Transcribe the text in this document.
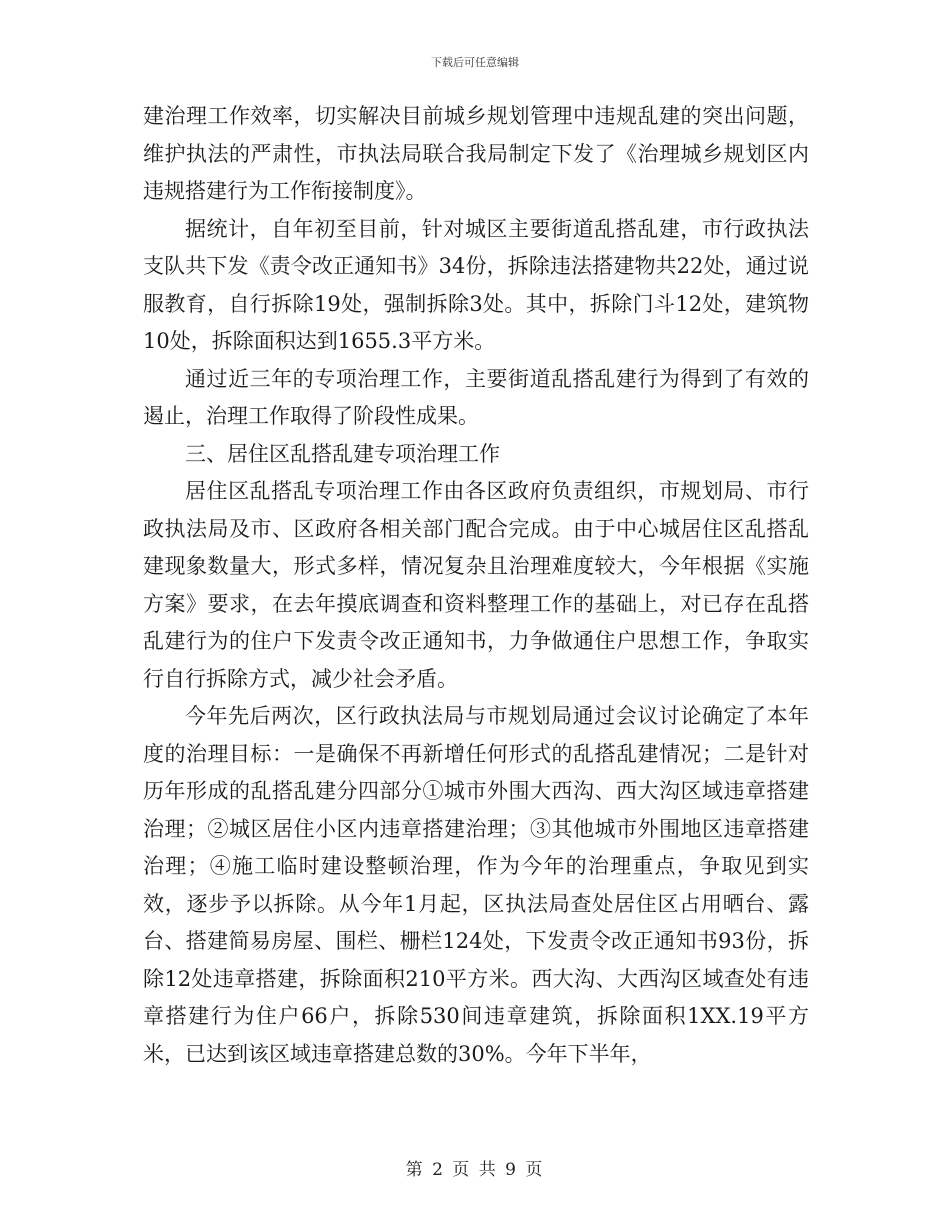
下载后可任意编辑

建治理工作效率，切实解决目前城乡规划管理中违规乱建的突出问题，维护执法的严肃性，市执法局联合我局制定下发了《治理城乡规划区内违规搭建行为工作衔接制度》。

据统计，自年初至目前，针对城区主要街道乱搭乱建，市行政执法支队共下发《责令改正通知书》34份，拆除违法搭建物共22处，通过说服教育，自行拆除19处，强制拆除3处。其中，拆除门斗12处，建筑物10处，拆除面积达到1655.3平方米。

通过近三年的专项治理工作，主要街道乱搭乱建行为得到了有效的遏止，治理工作取得了阶段性成果。

三、居住区乱搭乱建专项治理工作

居住区乱搭乱专项治理工作由各区政府负责组织，市规划局、市行政执法局及市、区政府各相关部门配合完成。由于中心城居住区乱搭乱建现象数量大，形式多样，情况复杂且治理难度较大，今年根据《实施方案》要求，在去年摸底调查和资料整理工作的基础上，对已存在乱搭乱建行为的住户下发责令改正通知书，力争做通住户思想工作，争取实行自行拆除方式，减少社会矛盾。

今年先后两次，区行政执法局与市规划局通过会议讨论确定了本年度的治理目标：一是确保不再新增任何形式的乱搭乱建情况；二是针对历年形成的乱搭乱建分四部分①城市外围大西沟、西大沟区域违章搭建治理；②城区居住小区内违章搭建治理；③其他城市外围地区违章搭建治理；④施工临时建设整顿治理，作为今年的治理重点，争取见到实效，逐步予以拆除。从今年1月起，区执法局查处居住区占用晒台、露台、搭建简易房屋、围栏、栅栏124处，下发责令改正通知书93份，拆除12处违章搭建，拆除面积210平方米。西大沟、大西沟区域查处有违章搭建行为住户66户，拆除530间违章建筑，拆除面积1XX.19平方米，已达到该区域违章搭建总数的30%。今年下半年，

第 2 页 共 9 页
